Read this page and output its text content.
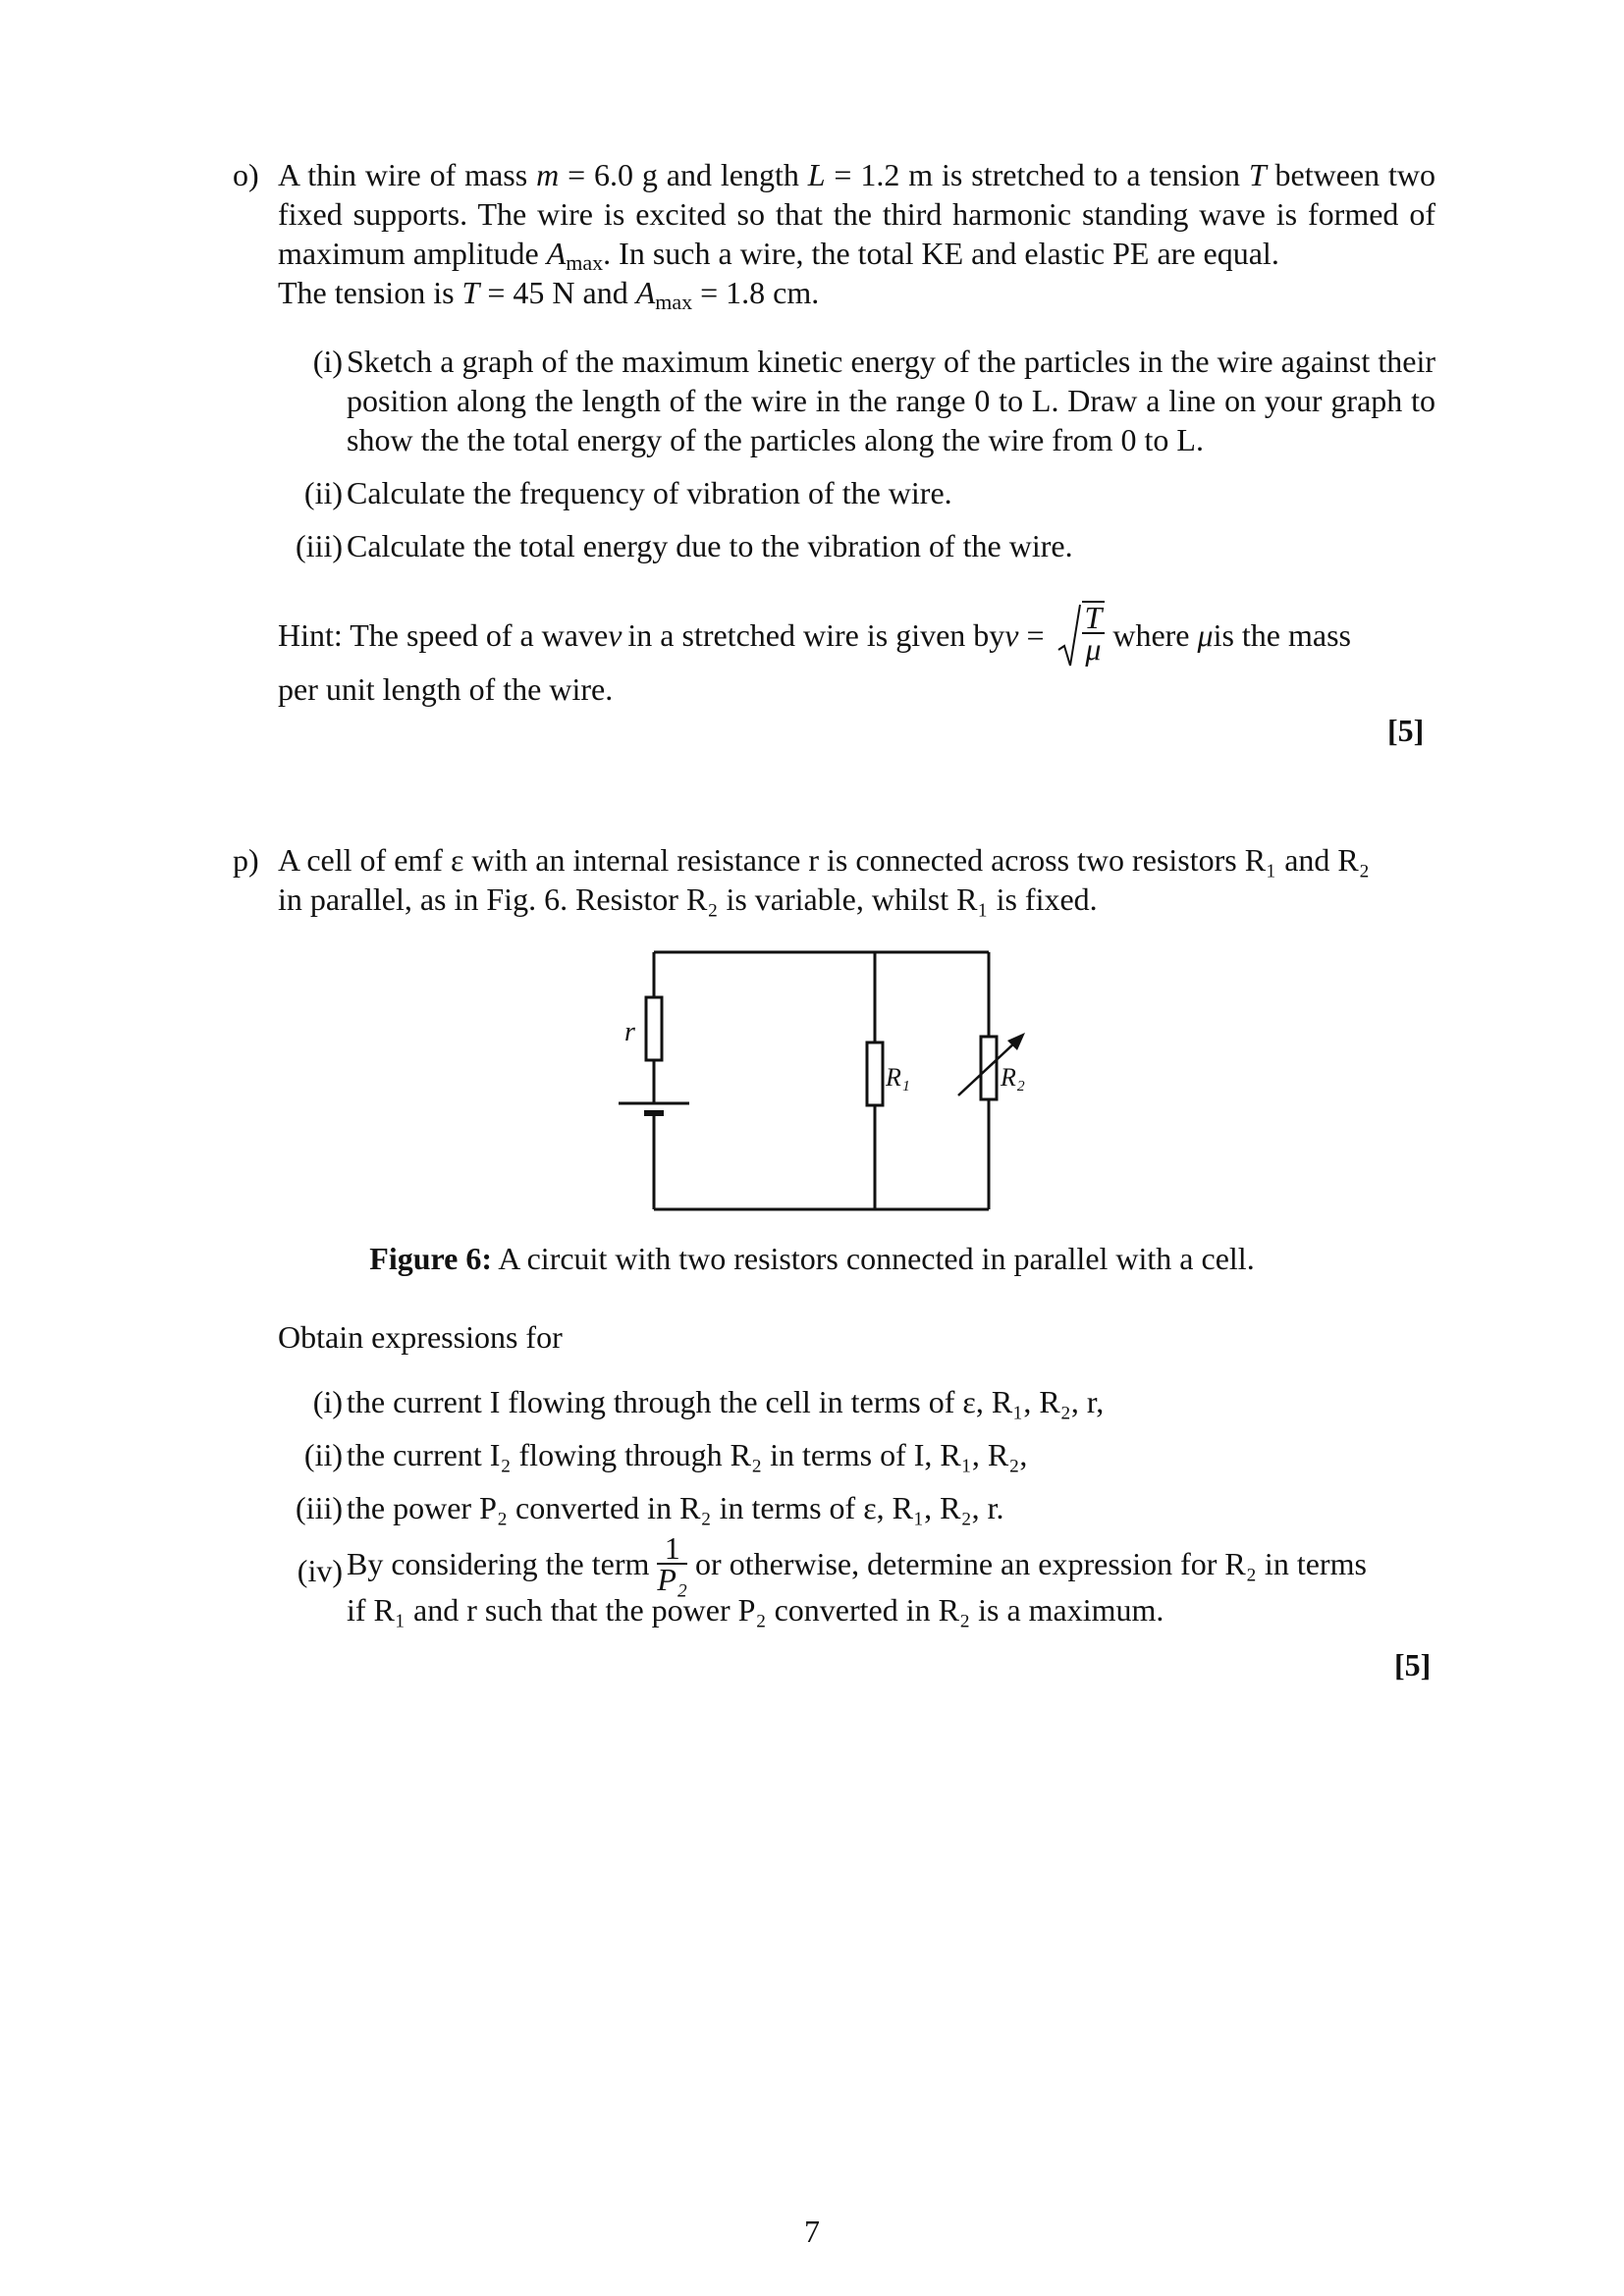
o) A thin wire of mass m = 6.0 g and length L = 1.2 m is stretched to a tension T between two fixed supports. The wire is excited so that the third harmonic standing wave is formed of maximum amplitude $A_{max}$. In such a wire, the total KE and elastic PE are equal.

The tension is T = 45 N and $A_{max} = 1.8$ cm.

(i) Sketch a graph of the maximum kinetic energy of the particles in the wire against their position along the length of the wire in the range 0 to L. Draw a line on your graph to show the the total energy of the particles along the wire from 0 to L.
(ii) Calculate the frequency of vibration of the wire.
(iii) Calculate the total energy due to the vibration of the wire.
Hint: The speed of a wave v in a stretched wire is given by $v = \frac{T}{\mu}$ where μ is the mass
per unit length of the wire.
[5]
p) A cell of emf ε with an internal resistance r is connected across two resistors R₁ and R₂

in parallel, as in Fig. 6. Resistor R₂ is variable, whilst R₁ is fixed.

r
R₁	R₂
Figure 6: A circuit with two resistors connected in parallel with a cell.
Obtain expressions for
(i) the current I flowing through the cell in terms of ε, R₁, R₂, r,
(ii) the current I₂ flowing through R₂ in terms of I, R₁, R₂,
(iii) the power P₂ converted in R₂ in terms of ε, R₁, R₂, r.
(iv) By considering the term $\frac{1}{\text{P₂}}$ or otherwise, determine an expression for R₂ in terms
if R₁ and r such that the power P₂ converted in R₂ is a maximum.
[5]
7
